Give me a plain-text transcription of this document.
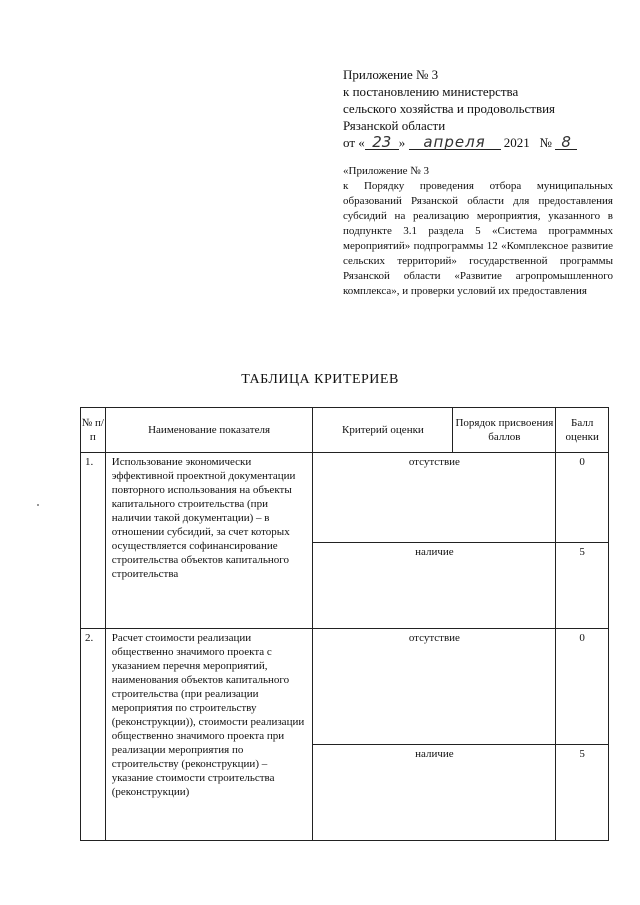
Приложение № 3
к постановлению министерства
сельского хозяйства и продовольствия
Рязанской области
от « 23 » апреля 2021 № 8

«Приложение № 3

к Порядку проведения отбора муниципальных образований Рязанской области для предоставления субсидий на реализацию мероприятия, указанного в подпункте 3.1 раздела 5 «Система программных мероприятий» подпрограммы 12 «Комплексное развитие сельских территорий» государственной программы Рязанской области «Развитие агропромышленного комплекса», и проверки условий их предоставления

ТАБЛИЦА КРИТЕРИЕВ
№ п/п	Наименование показателя	Критерий оценки	Порядок присвоения баллов	Балл оценки
1.	Использование экономически эффективной проектной документации повторного использования на объекты капитального строительства (при наличии такой документации) – в отношении субсидий, за счет которых осуществляется софинансирование строительства объектов капитального строительства	отсутствие		0
		наличие		5
2.	Расчет стоимости реализации общественно значимого проекта с указанием перечня мероприятий, наименования объектов капитального строительства (при реализации мероприятия по строительству (реконструкции)), стоимости реализации общественно значимого проекта при реализации мероприятия по строительству (реконструкции) – указание стоимости строительства (реконструкции)	отсутствие		0
		наличие		5
